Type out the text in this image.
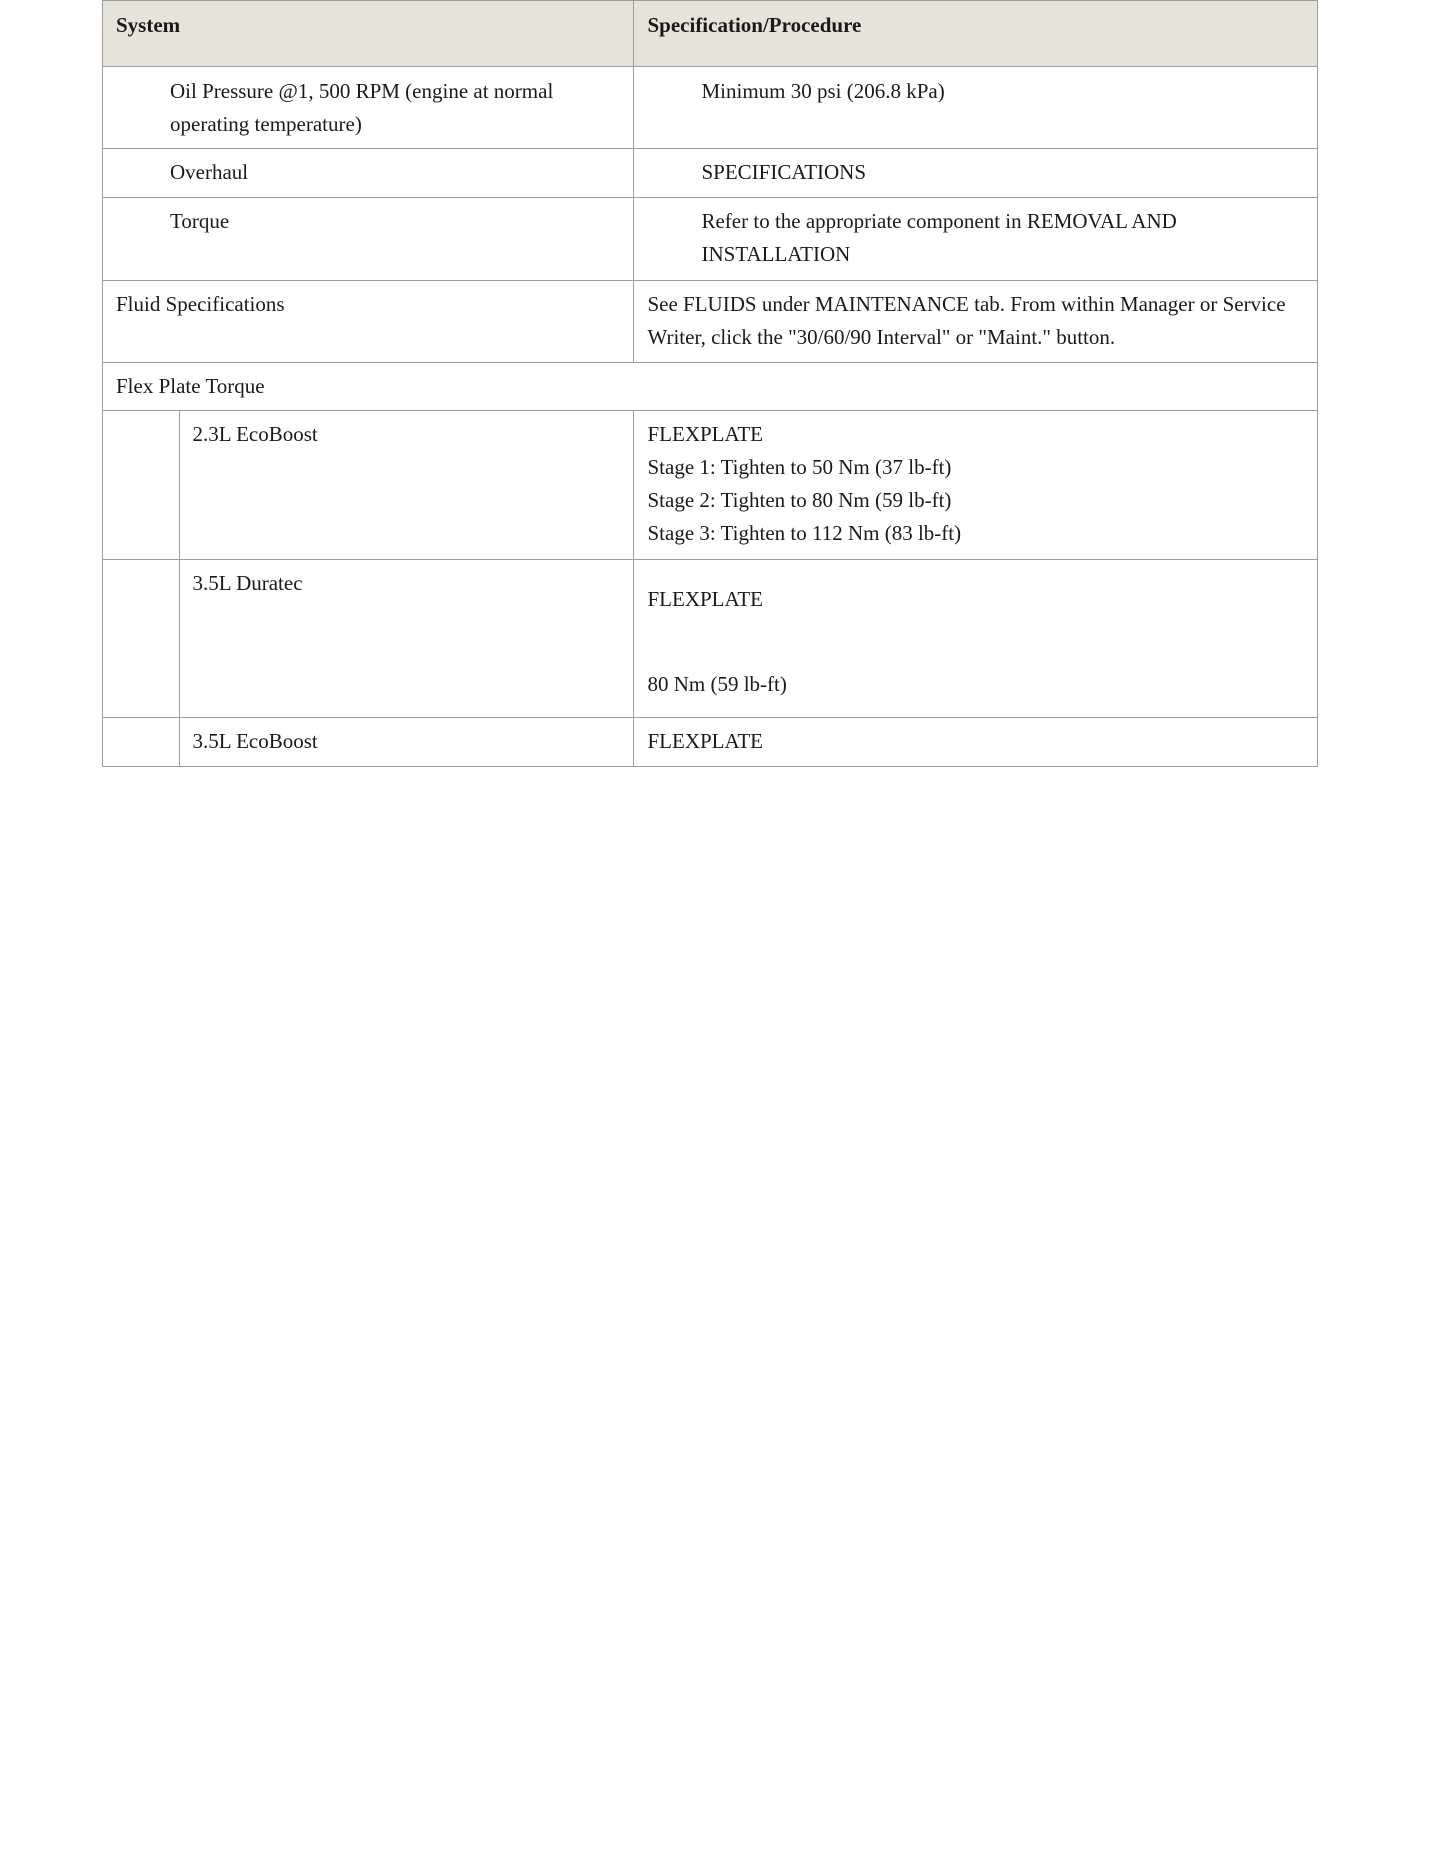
System		Specification/Procedure

Oil Pressure @1, 500 RPM (engine at normal operating temperature)		Minimum 30 psi (206.8 kPa)

Overhaul		SPECIFICATIONS

Torque		Refer to the appropriate component in REMOVAL AND INSTALLATION

Fluid Specifications		See FLUIDS under MAINTENANCE tab. From within Manager or Service Writer, click the "30/60/90 Interval" or "Maint." button.

Flex Plate Torque		

	2.3L EcoBoost	FLEXPLATE
Stage 1: Tighten to 50 Nm (37 lb-ft)
Stage 2: Tighten to 80 Nm (59 lb-ft)
Stage 3: Tighten to 112 Nm (83 lb-ft)

	3.5L Duratec	FLEXPLATE
80 Nm (59 lb-ft)

	3.5L EcoBoost	FLEXPLATE
